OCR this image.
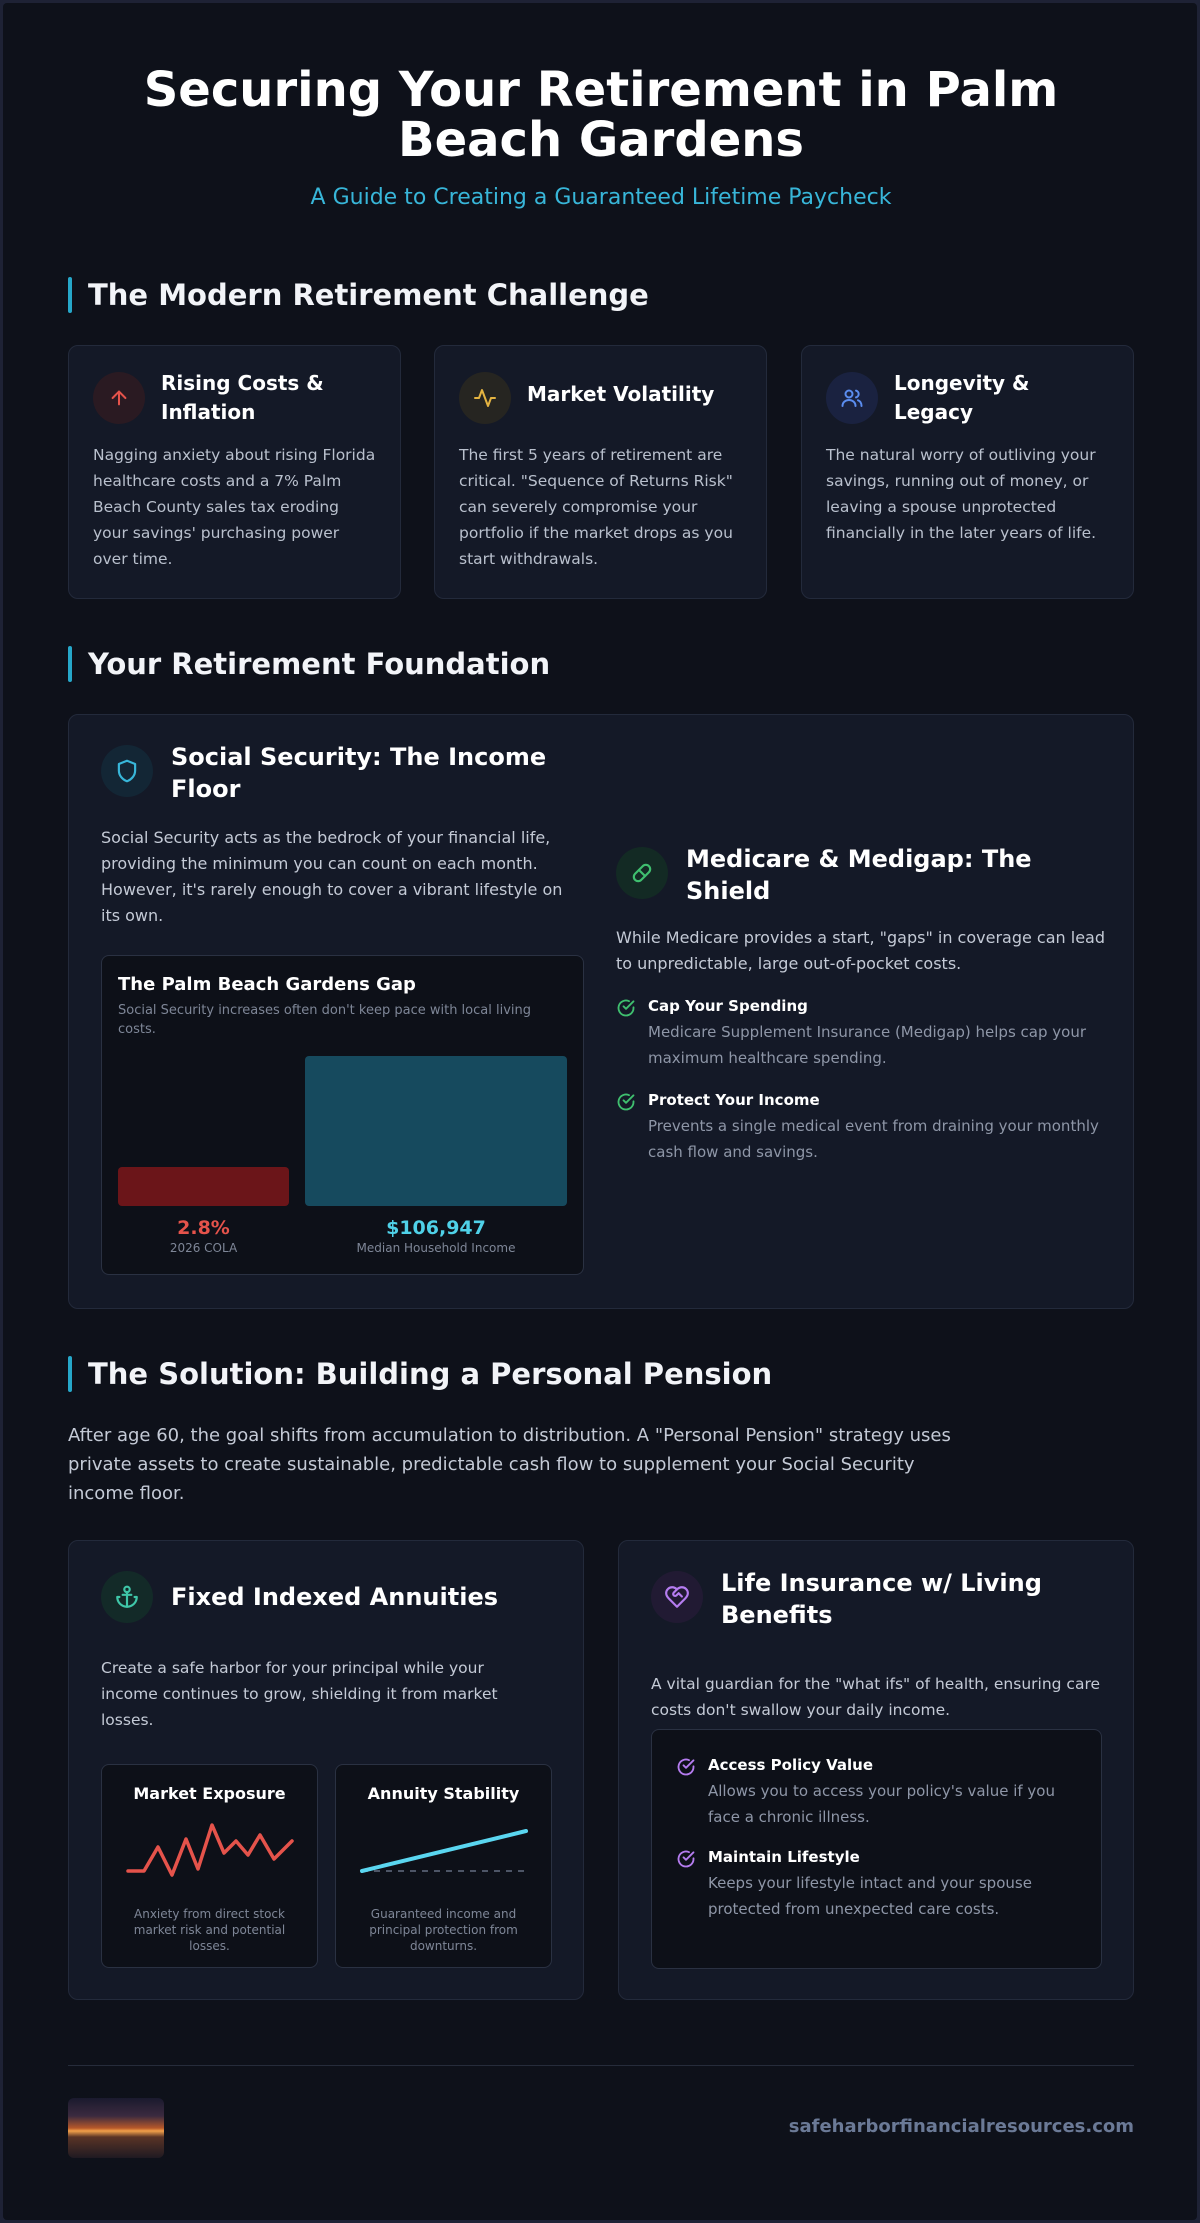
Securing Your Retirement in Palm
Beach Gardens
A Guide to Creating a Guaranteed Lifetime Paycheck
The Modern Retirement Challenge
Rising Costs & Inflation

Nagging anxiety about rising Florida healthcare costs and a 7% Palm Beach County sales tax eroding your savings' purchasing power over time.

Market Volatility

The first 5 years of retirement are critical. "Sequence of Returns Risk" can severely compromise your portfolio if the market drops as you start withdrawals.

Longevity & Legacy

The natural worry of outliving your savings, running out of money, or leaving a spouse unprotected financially in the later years of life.

Your Retirement Foundation
Social Security: The Income Floor

Social Security acts as the bedrock of your financial life, providing the minimum you can count on each month. However, it's rarely enough to cover a vibrant lifestyle on its own.

The Palm Beach Gardens Gap
Social Security increases often don't keep pace with local living costs.
2.8%
2026 COLA
$106,947
Median Household Income
Medicare & Medigap: The Shield

While Medicare provides a start, "gaps" in coverage can lead to unpredictable, large out-of-pocket costs.

Cap Your Spending
Medicare Supplement Insurance (Medigap) helps cap your maximum healthcare spending.
Protect Your Income
Prevents a single medical event from draining your monthly cash flow and savings.
The Solution: Building a Personal Pension

After age 60, the goal shifts from accumulation to distribution. A "Personal Pension" strategy uses private assets to create sustainable, predictable cash flow to supplement your Social Security income floor.

Fixed Indexed Annuities

Create a safe harbor for your principal while your income continues to grow, shielding it from market losses.

Market Exposure
Anxiety from direct stock market risk and potential losses.
Annuity Stability
Guaranteed income and principal protection from downturns.
Life Insurance w/ Living Benefits

A vital guardian for the "what ifs" of health, ensuring care costs don't swallow your daily income.

Access Policy Value
Allows you to access your policy's value if you face a chronic illness.
Maintain Lifestyle
Keeps your lifestyle intact and your spouse protected from unexpected care costs.
safeharborfinancialresources.com
